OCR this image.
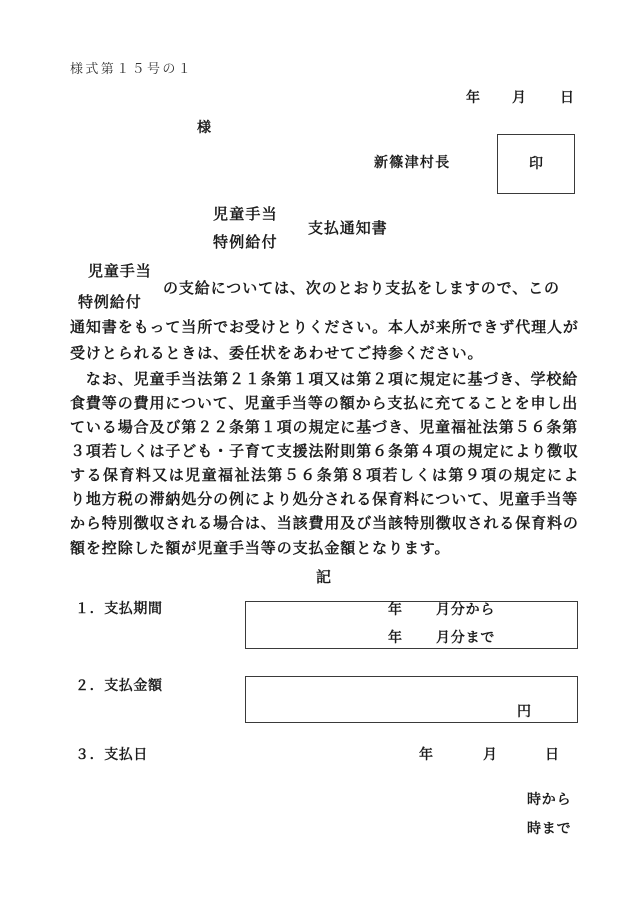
様式第１５号の１
年 月 日
様
新篠津村長	印
児童手当
支払通知書
特例給付
児童手当
の支給については、次のとおり支払をしますので、この
特例給付
通知書をもって当所でお受けとりください。本人が来所できず代理人が
受けとられるときは、委任状をあわせてご持参ください。
　なお、児童手当法第２１条第１項又は第２項に規定に基づき、学校給
食費等の費用について、児童手当等の額から支払に充てることを申し出
ている場合及び第２２条第１項の規定に基づき、児童福祉法第５６条第
３項若しくは子ども・子育て支援法附則第６条第４項の規定により徴収
する保育料又は児童福祉法第５６条第８項若しくは第９項の規定によ
り地方税の滞納処分の例により処分される保育料について、児童手当等
から特別徴収される場合は、当該費用及び当該特別徴収される保育料の
額を控除した額が児童手当等の支払金額となります。
記
１．支払期間	年 月分から
年 月分まで
２．支払金額
円
３．支払日	年	月	日
時から
時まで
